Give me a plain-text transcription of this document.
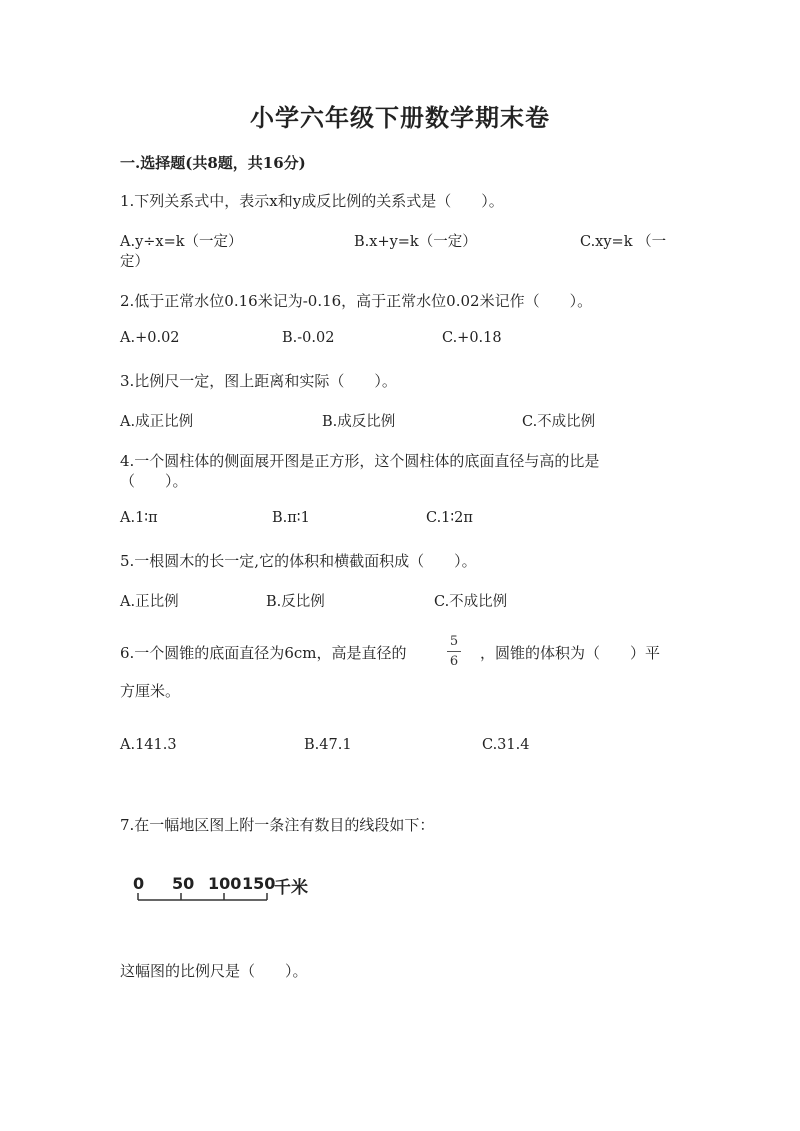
小学六年级下册数学期末卷
一.选择题(共8题，共16分)
1.下列关系式中，表示x和y成反比例的关系式是（　　）。
A.y÷x=k（一定）	B.x+y=k（一定）	C.xy=k （一
定）
2.低于正常水位0.16米记为-0.16，高于正常水位0.02米记作（　　）。
A.+0.02	B.-0.02	C.+0.18
3.比例尺一定，图上距离和实际（　　）。
A.成正比例	B.成反比例	C.不成比例
4.一个圆柱体的侧面展开图是正方形，这个圆柱体的底面直径与高的比是
（　　）。
A.1∶π	B.π∶1	C.1∶2π
5.一根圆木的长一定,它的体积和横截面积成（　　）。
A.正比例	B.反比例	C.不成比例
6.一个圆锥的底面直径为6cm，高是直径的
5
6	，圆锥的体积为（　　）平
方厘米。
A.141.3	B.47.1	C.31.4
7.在一幅地区图上附一条注有数目的线段如下：
0 50 100 150
千米
这幅图的比例尺是（　　）。
